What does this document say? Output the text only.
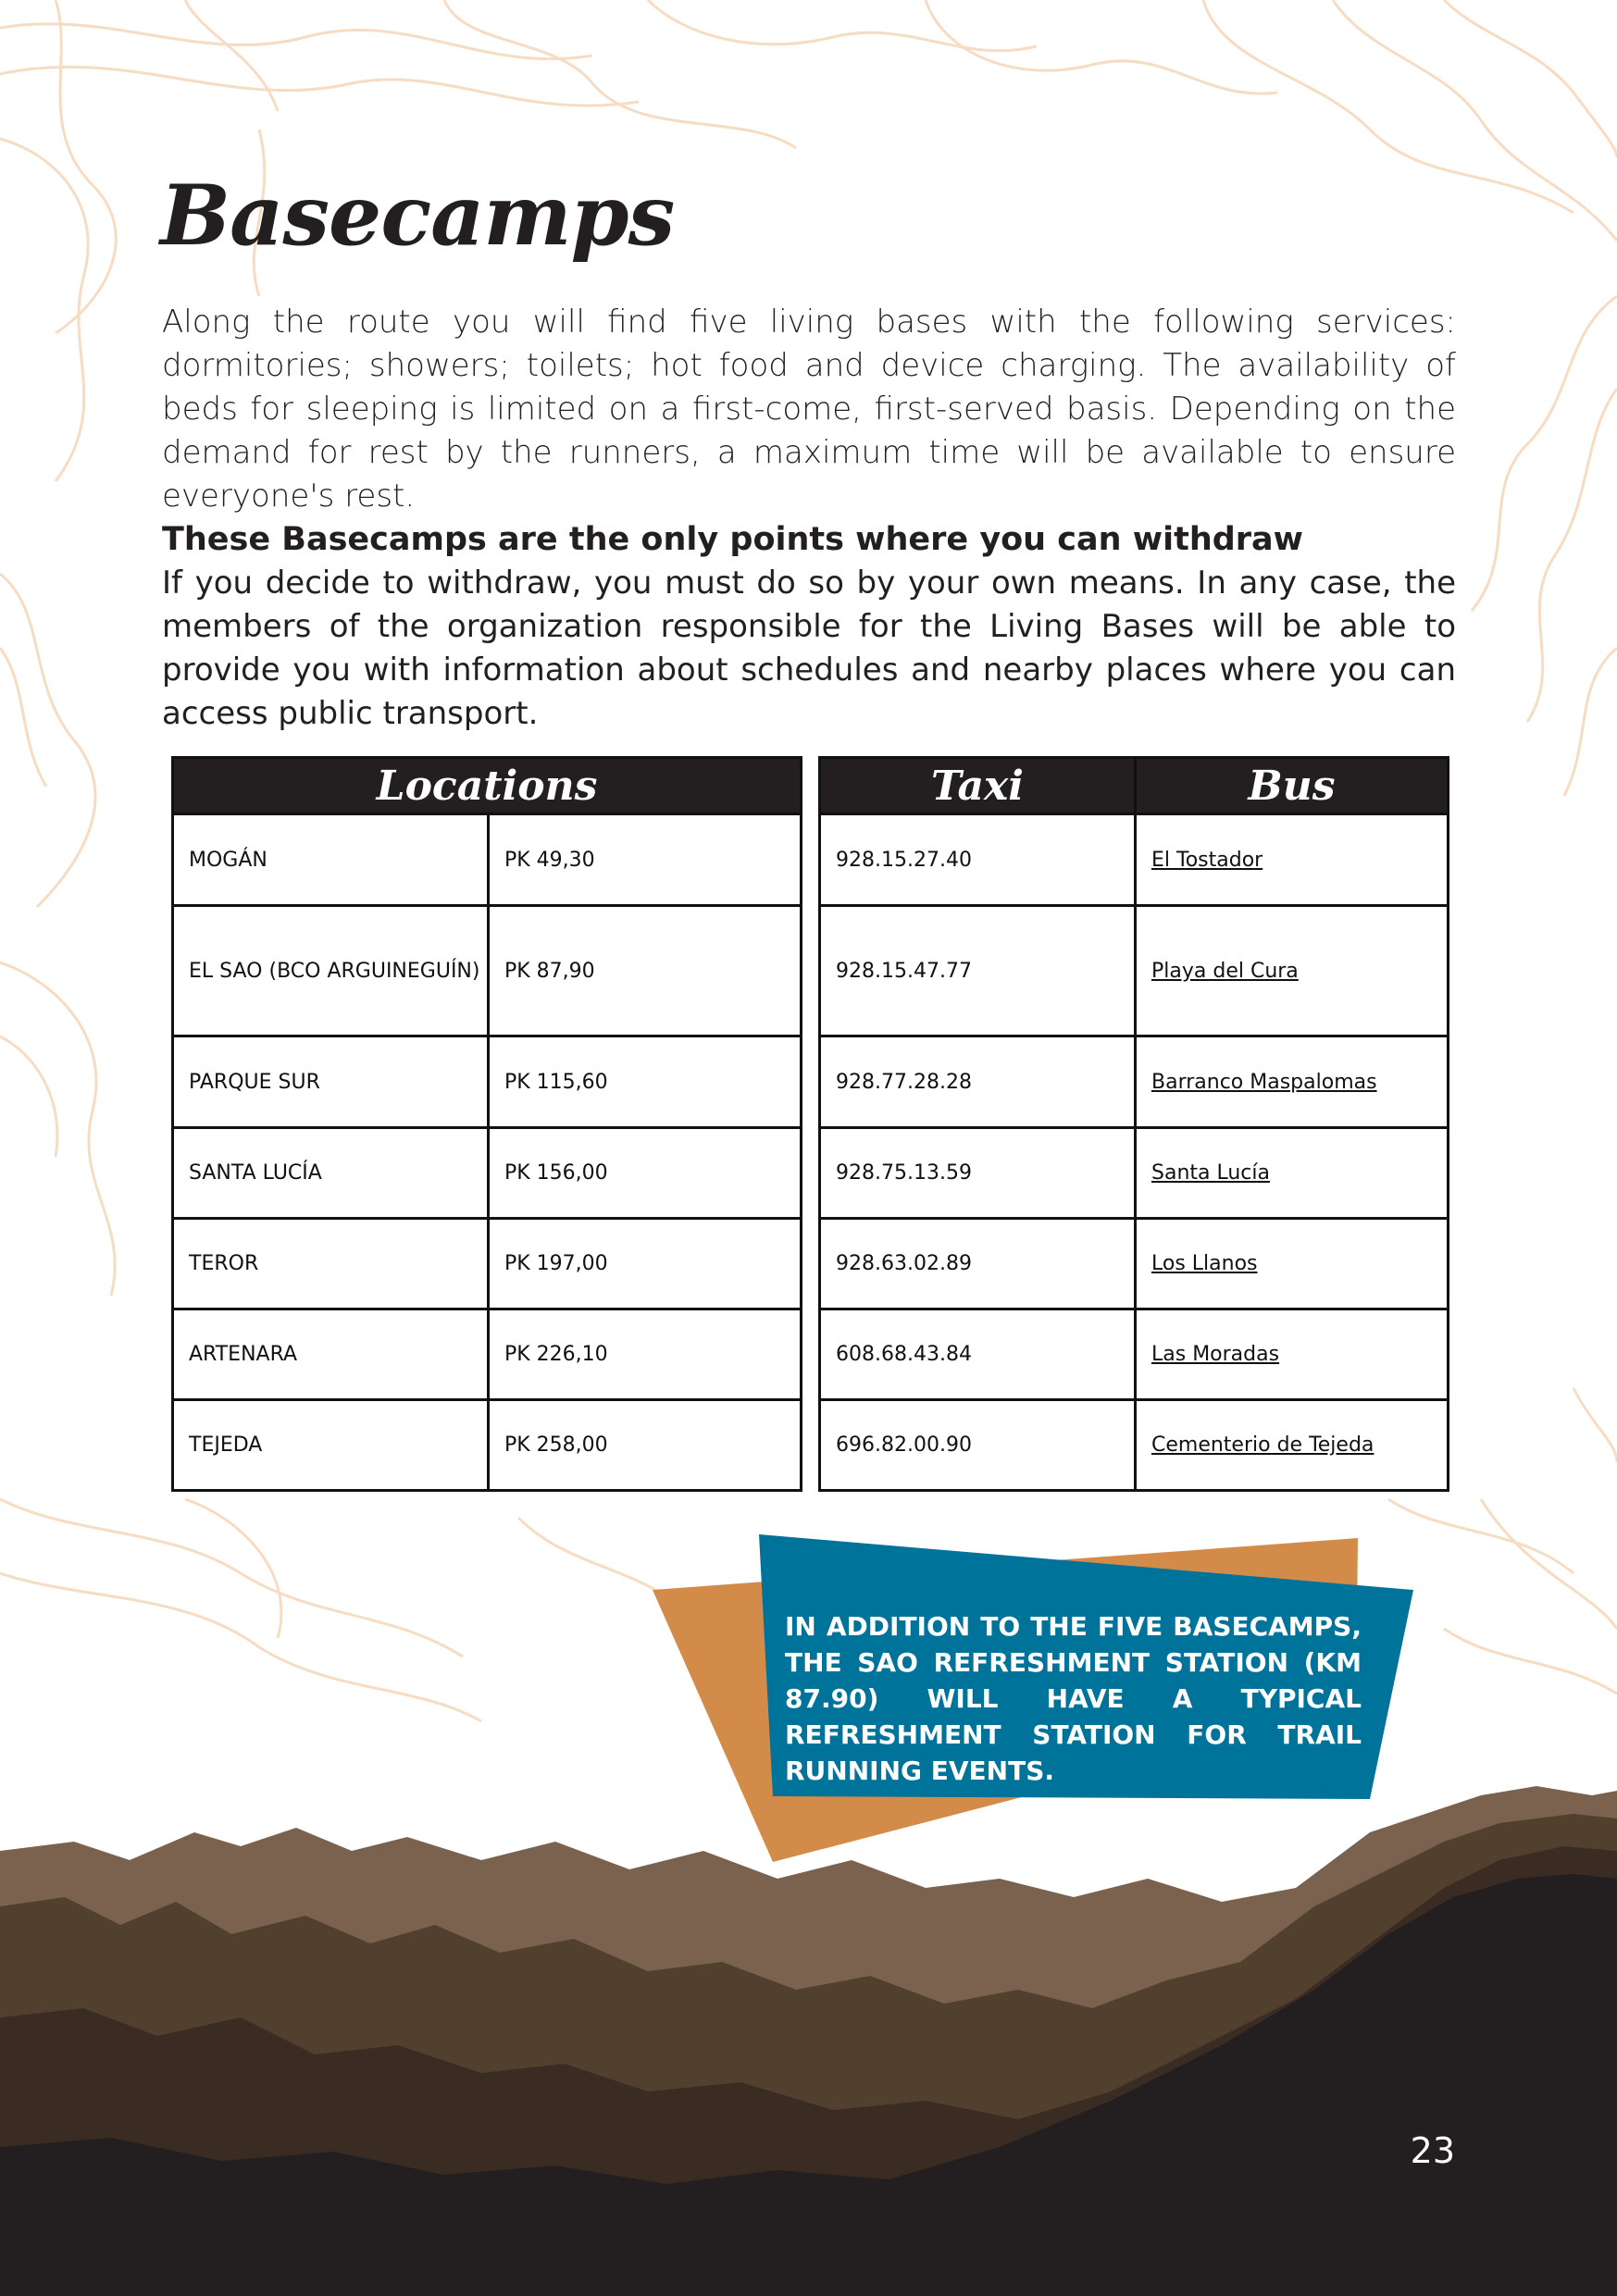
Basecamps

Along the route you will find five living bases with the following services: dormitories; showers; toilets; hot food and device charging. The availability of beds for sleeping is limited on a first-come, first-served basis. Depending on the demand for rest by the runners, a maximum time will be available to ensure everyone's rest.

These Basecamps are the only points where you can withdraw

If you decide to withdraw, you must do so by your own means. In any case, the members of the organization responsible for the Living Bases will be able to provide you with information about schedules and nearby places where you can access public transport.

Locations	
MOGÁN	PK 49,30
EL SAO (BCO ARGUINEGUÍN)	PK 87,90
PARQUE SUR	PK 115,60
SANTA LUCÍA	PK 156,00
TEROR	PK 197,00
ARTENARA	PK 226,10
TEJEDA	PK 258,00
Taxi	Bus
928.15.27.40	El Tostador
928.15.47.77	Playa del Cura
928.77.28.28	Barranco Maspalomas
928.75.13.59	Santa Lucía
928.63.02.89	Los Llanos
608.68.43.84	Las Moradas
696.82.00.90	Cementerio de Tejeda

IN ADDITION TO THE FIVE BASECAMPS, THE SAO REFRESHMENT STATION (KM 87.90) WILL HAVE A TYPICAL REFRESHMENT STATION FOR TRAIL RUNNING EVENTS.

23
